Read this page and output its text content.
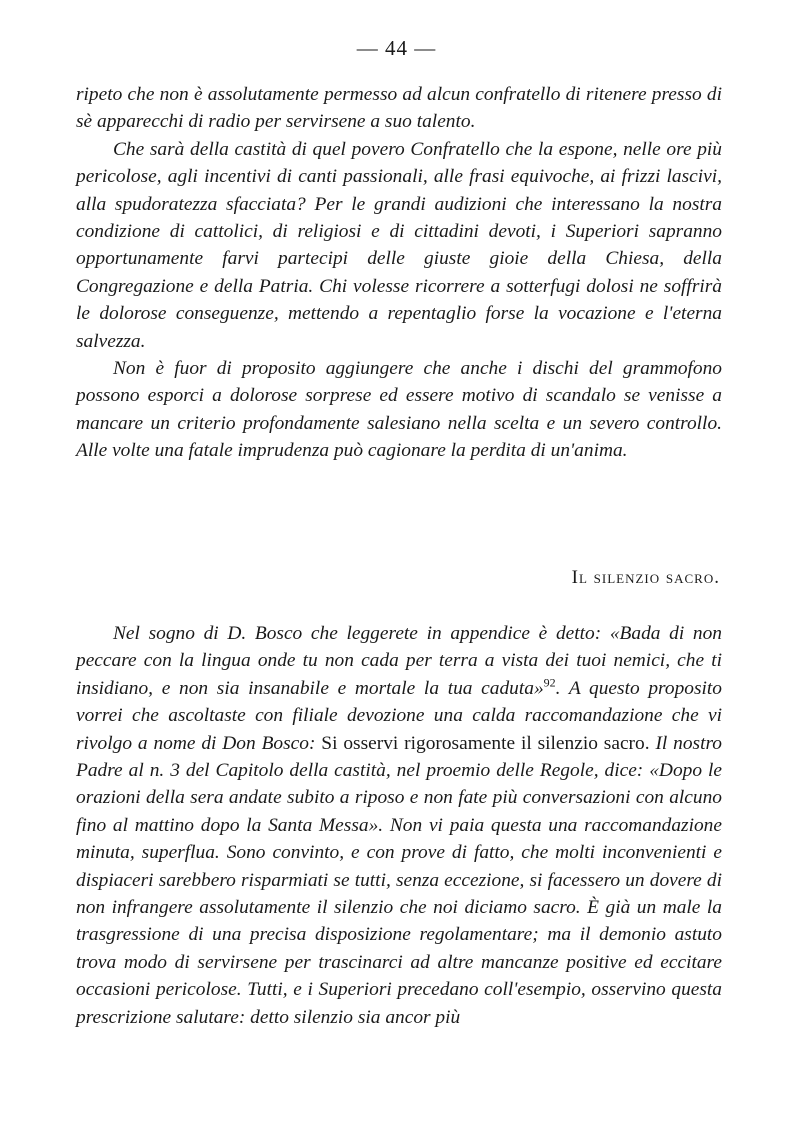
— 44 —

ripeto che non è assolutamente permesso ad alcun confratello di ritenere presso di sè apparecchi di radio per servirsene a suo talento.

Che sarà della castità di quel povero Confratello che la espone, nelle ore più pericolose, agli incentivi di canti passionali, alle frasi equivoche, ai frizzi lascivi, alla spudoratezza sfacciata? Per le grandi audizioni che interessano la nostra condizione di cattolici, di religiosi e di cittadini devoti, i Superiori sapranno opportunamente farvi partecipi delle giuste gioie della Chiesa, della Congregazione e della Patria. Chi volesse ricorrere a sotterfugi dolosi ne soffrirà le dolorose conseguenze, mettendo a repentaglio forse la vocazione e l'eterna salvezza.

Non è fuor di proposito aggiungere che anche i dischi del grammofono possono esporci a dolorose sorprese ed essere motivo di scandalo se venisse a mancare un criterio profondamente salesiano nella scelta e un severo controllo. Alle volte una fatale imprudenza può cagionare la perdita di un'anima.

Il silenzio sacro.

Nel sogno di D. Bosco che leggerete in appendice è detto: «Bada di non peccare con la lingua onde tu non cada per terra a vista dei tuoi nemici, che ti insidiano, e non sia insanabile e mortale la tua caduta»$^{92}$. A questo proposito vorrei che ascoltaste con filiale devozione una calda raccomandazione che vi rivolgo a nome di Don Bosco: Si osservi rigorosamente il silenzio sacro. Il nostro Padre al n. 3 del Capitolo della castità, nel proemio delle Regole, dice: «Dopo le orazioni della sera andate subito a riposo e non fate più conversazioni con alcuno fino al mattino dopo la Santa Messa». Non vi paia questa una raccomandazione minuta, superflua. Sono convinto, e con prove di fatto, che molti inconvenienti e dispiaceri sarebbero risparmiati se tutti, senza eccezione, si facessero un dovere di non infrangere assolutamente il silenzio che noi diciamo sacro. È già un male la trasgressione di una precisa disposizione regolamentare; ma il demonio astuto trova modo di servirsene per trascinarci ad altre mancanze positive ed eccitare occasioni pericolose. Tutti, e i Superiori precedano coll'esempio, osservino questa prescrizione salutare: detto silenzio sia ancor più
